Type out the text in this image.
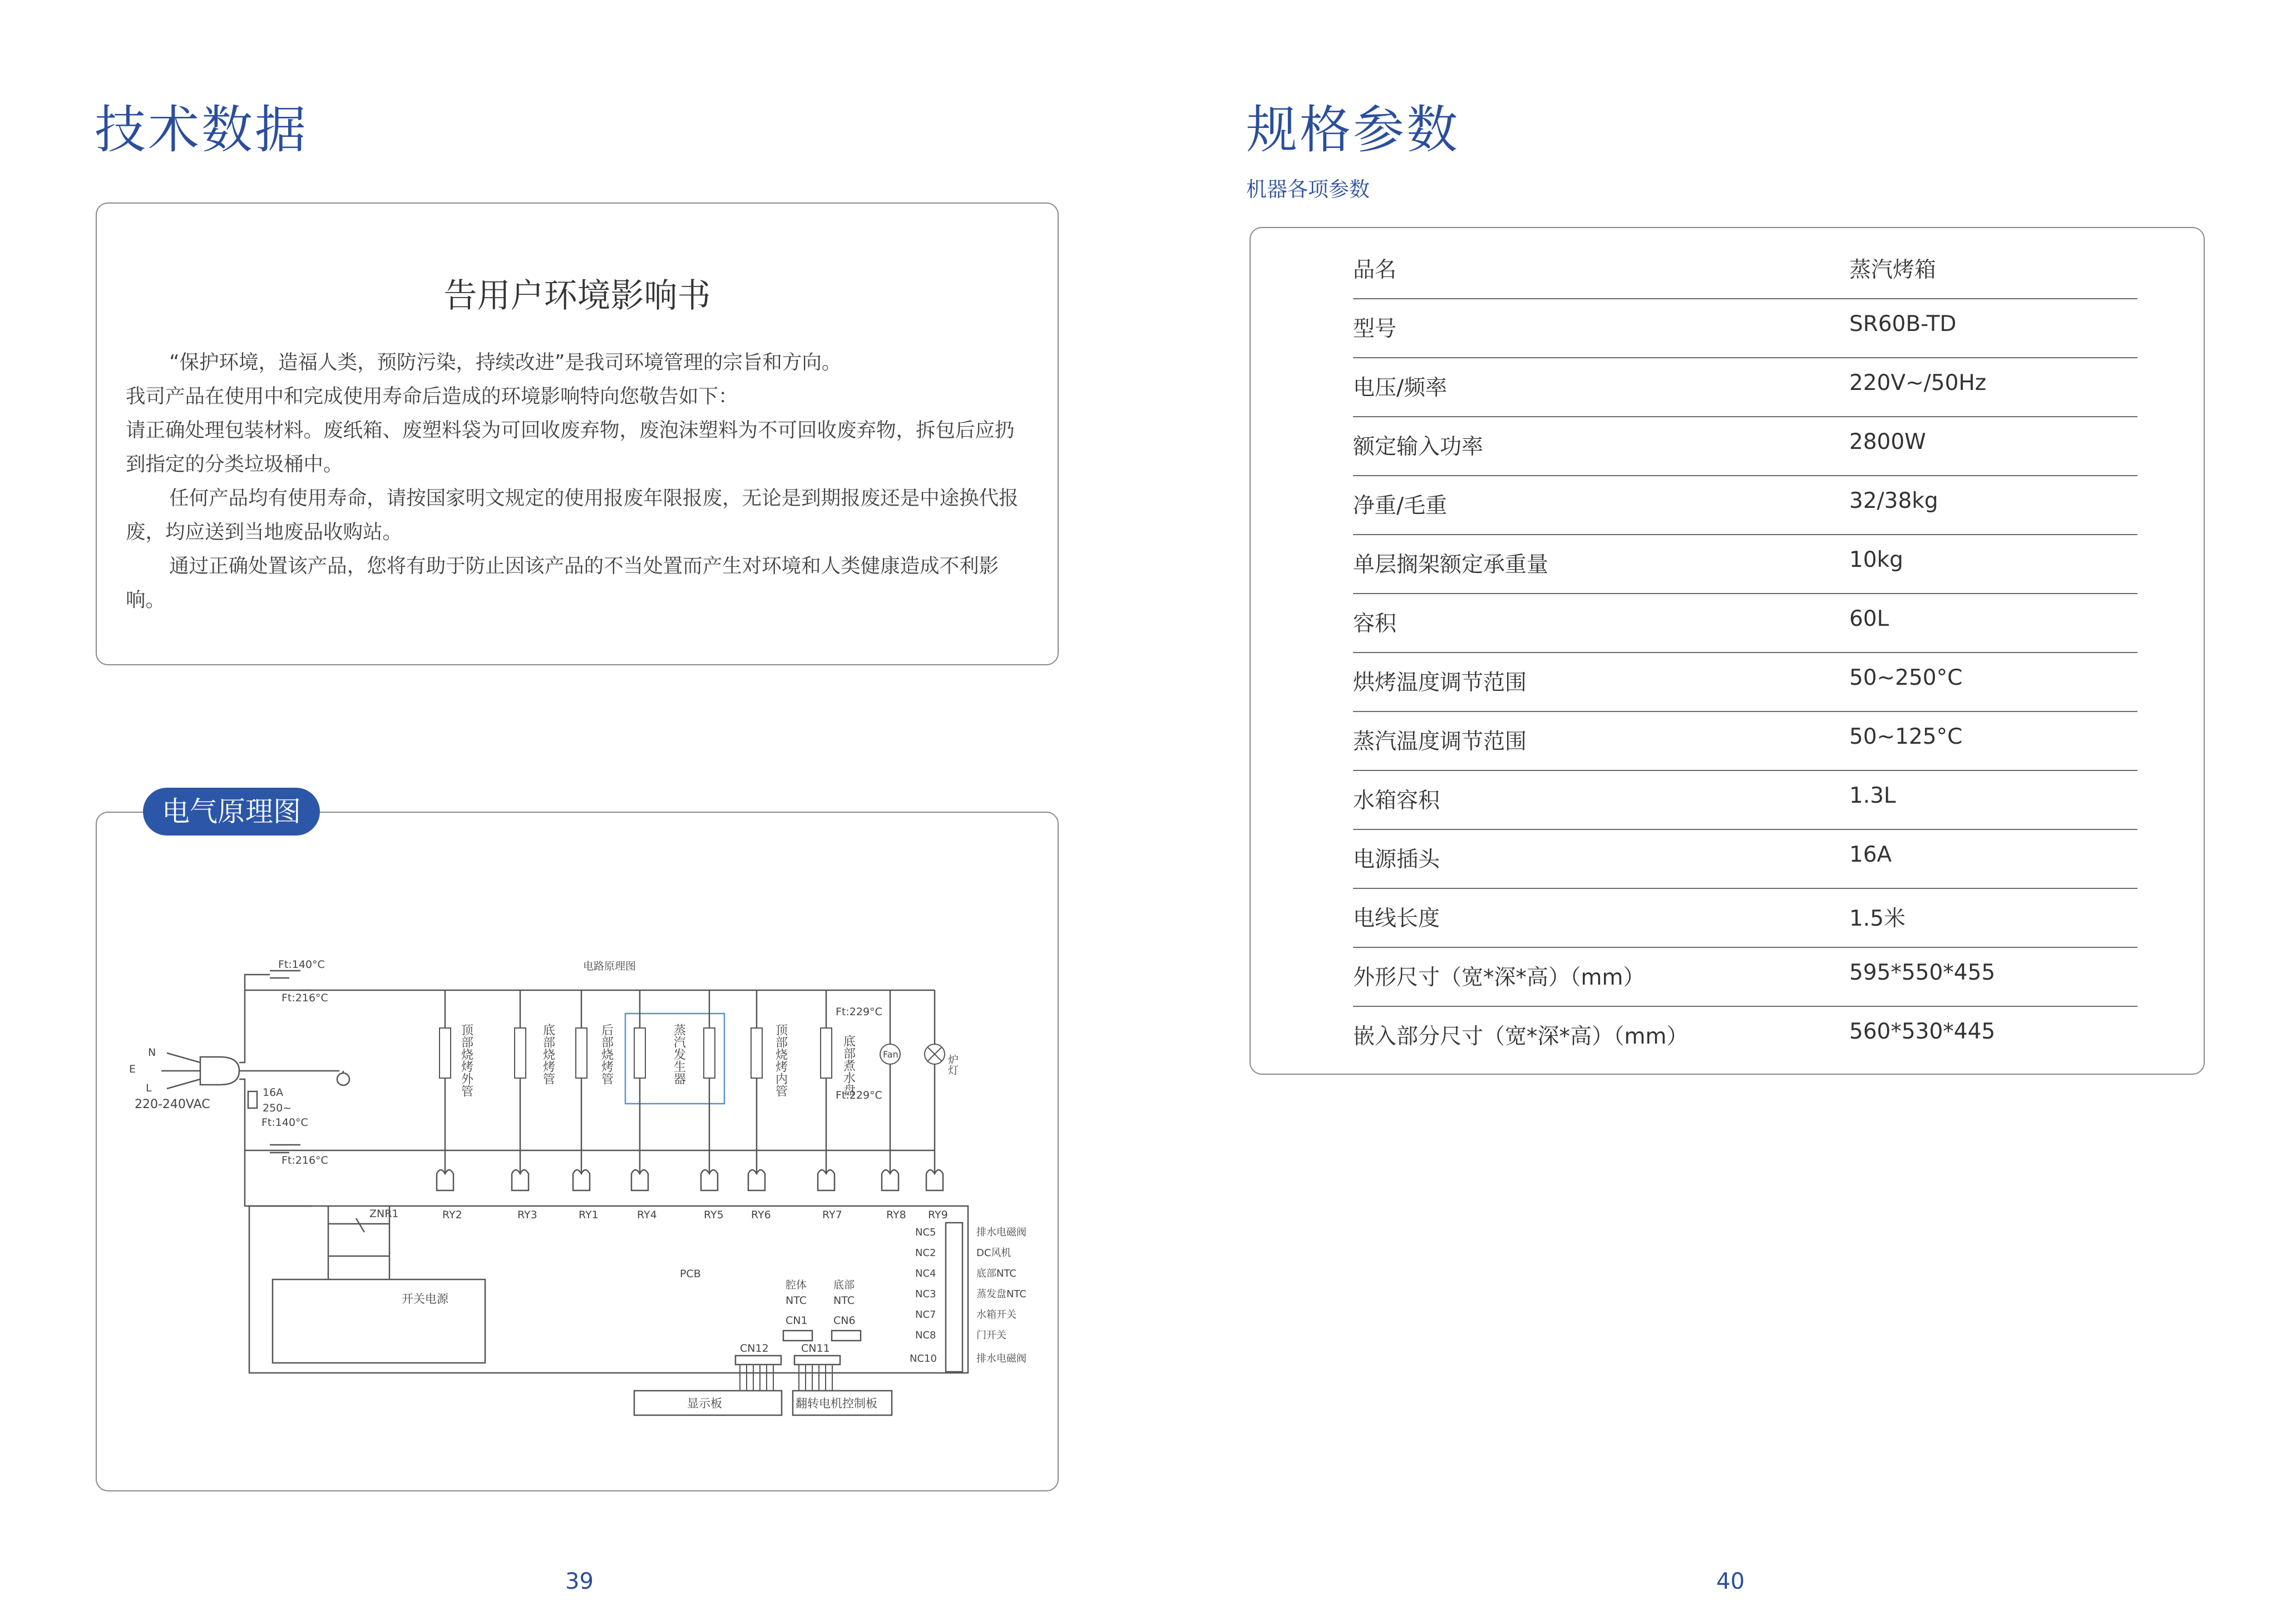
技术数据
告用户环境影响书

“保护环境，造福人类，预防污染，持续改进”是我司环境管理的宗旨和方向。

我司产品在使用中和完成使用寿命后造成的环境影响特向您敬告如下：

请正确处理包装材料。废纸箱、废塑料袋为可回收废弃物，废泡沫塑料为不可回收废弃物，拆包后应扔到指定的分类垃圾桶中。

任何产品均有使用寿命，请按国家明文规定的使用报废年限报废，无论是到期报废还是中途换代报废，均应送到当地废品收购站。

通过正确处置该产品，您将有助于防止因该产品的不当处置而产生对环境和人类健康造成不利影响。

电气原理图
电路原理图
Ft:140°C
Ft:216°C
N
E
L
220-240VAC
16A
250~
Ft:140°C
Ft:216°C
Ft:229°C
Ft:229°C
Fan	炉灯
顶部烧烤外管	底部烧烤管	后部烧烤管	蒸汽发生器	顶部烧烤内管	底部煮水盘
RY2	RY3	RY1	RY4	RY5	RY6	RY7	RY8 RY9
ZNR1
PCB
开关电源
腔体
NTC
CN1
底部
NTC
CN6
CN12	CN11
显示板	翻转电机控制板
NC5	排水电磁阀
NC2	DC风机
NC4	底部NTC
NC3	蒸发盘NTC
NC7	水箱开关
NC8	门开关
NC10	排水电磁阀
39
规格参数
机器各项参数
品名	蒸汽烤箱
型号	SR60B-TD
电压/频率	220V~/50Hz
额定输入功率	2800W
净重/毛重	32/38kg
单层搁架额定承重量	10kg
容积	60L
烘烤温度调节范围	50~250°C
蒸汽温度调节范围	50~125°C
水箱容积	1.3L
电源插头	16A
电线长度	1.5米
外形尺寸（宽*深*高）（mm）	595*550*455
嵌入部分尺寸（宽*深*高）（mm）	560*530*445
40
